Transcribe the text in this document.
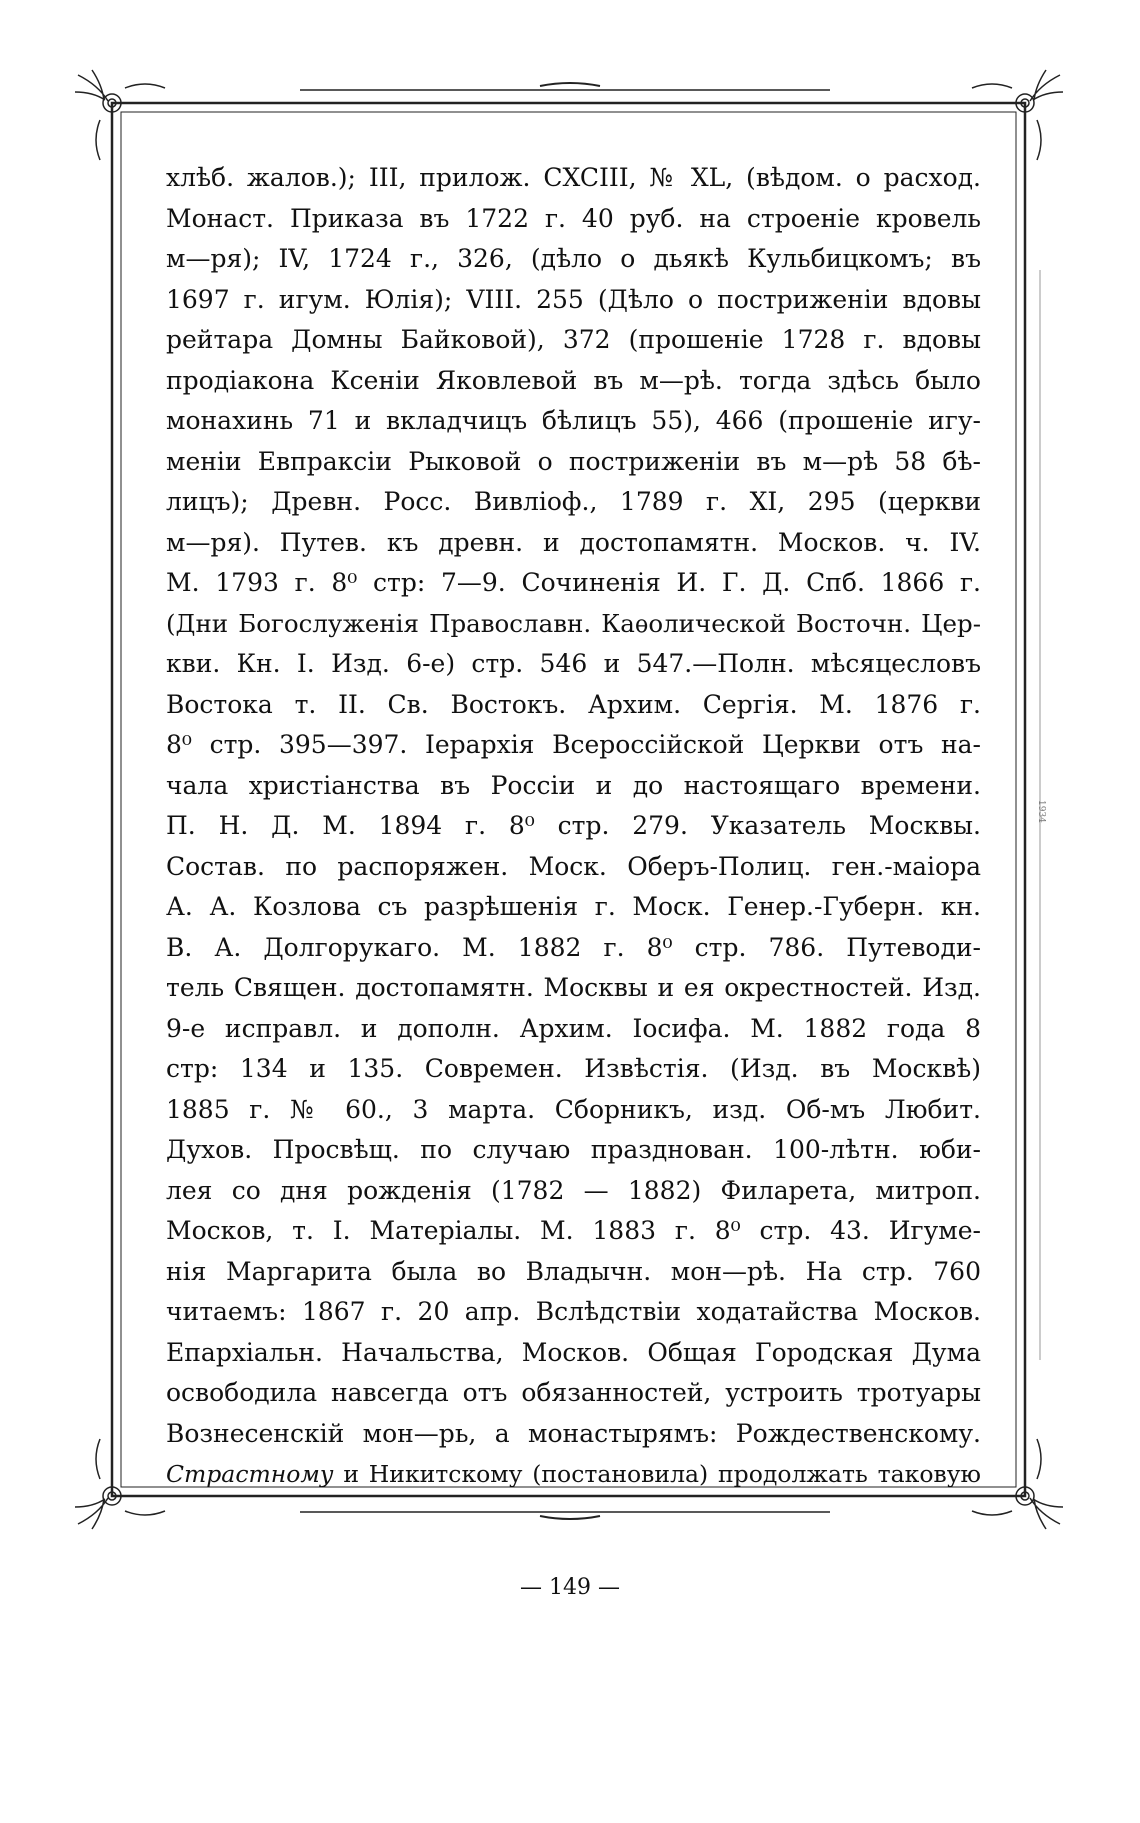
хлѣб. жалов.); III, прилож. CXCIII, № XL, (вѣдом. о расход.
Монаст. Приказа въ 1722 г. 40 руб. на строеніе кровель
м—ря); IV, 1724 г., 326, (дѣло о дьякѣ Кульбицкомъ; въ
1697 г. игум. Юлія); VIII. 255 (Дѣло о постриженіи вдовы
рейтара Домны Байковой), 372 (прошеніе 1728 г. вдовы
продіакона Ксеніи Яковлевой въ м—рѣ. тогда здѣсь было
монахинь 71 и вкладчицъ бѣлицъ 55), 466 (прошеніе игу-
меніи Евпраксіи Рыковой о постриженіи въ м—рѣ 58 бѣ-
лицъ); Древн. Росс. Вивліоф., 1789 г. XI, 295 (церкви
м—ря). Путев. къ древн. и достопамятн. Москов. ч. IV.
М. 1793 г. 8⁰ стр: 7—9. Сочиненія И. Г. Д. Спб. 1866 г.
(Дни Богослуженія Православн. Каѳолической Восточн. Цер-
кви. Кн. I. Изд. 6-е) стр. 546 и 547.—Полн. мѣсяцесловъ
Востока т. II. Св. Востокъ. Архим. Сергія. М. 1876 г.
8⁰ стр. 395—397. Іерархія Всероссійской Церкви отъ на-
чала христіанства въ Россіи и до настоящаго времени.
П. Н. Д. М. 1894 г. 8⁰ стр. 279. Указатель Москвы.
Состав. по распоряжен. Моск. Оберъ-Полиц. ген.-маіора
А. А. Козлова съ разрѣшенія г. Моск. Генер.-Губерн. кн.
В. А. Долгорукаго. М. 1882 г. 8⁰ стр. 786. Путеводи-
тель Священ. достопамятн. Москвы и ея окрестностей. Изд.
9-е исправл. и дополн. Архим. Іосифа. М. 1882 года 8
стр: 134 и 135. Современ. Извѣстія. (Изд. въ Москвѣ)
1885 г. № 60., 3 марта. Сборникъ, изд. Об-мъ Любит.
Духов. Просвѣщ. по случаю празднован. 100-лѣтн. юби-
лея со дня рожденія (1782 — 1882) Филарета, митроп.
Москов, т. I. Матеріалы. М. 1883 г. 8⁰ стр. 43. Игуме-
нія Маргарита была во Владычн. мон—рѣ. На стр. 760
читаемъ: 1867 г. 20 апр. Вслѣдствіи ходатайства Москов.
Епархіальн. Начальства, Москов. Общая Городская Дума
освободила навсегда отъ обязанностей, устроить тротуары
Вознесенскій мон—рь, а монастырямъ: Рождественскому.
Страстному и Никитскому (постановила) продолжать таковую
1934
— 149 —
